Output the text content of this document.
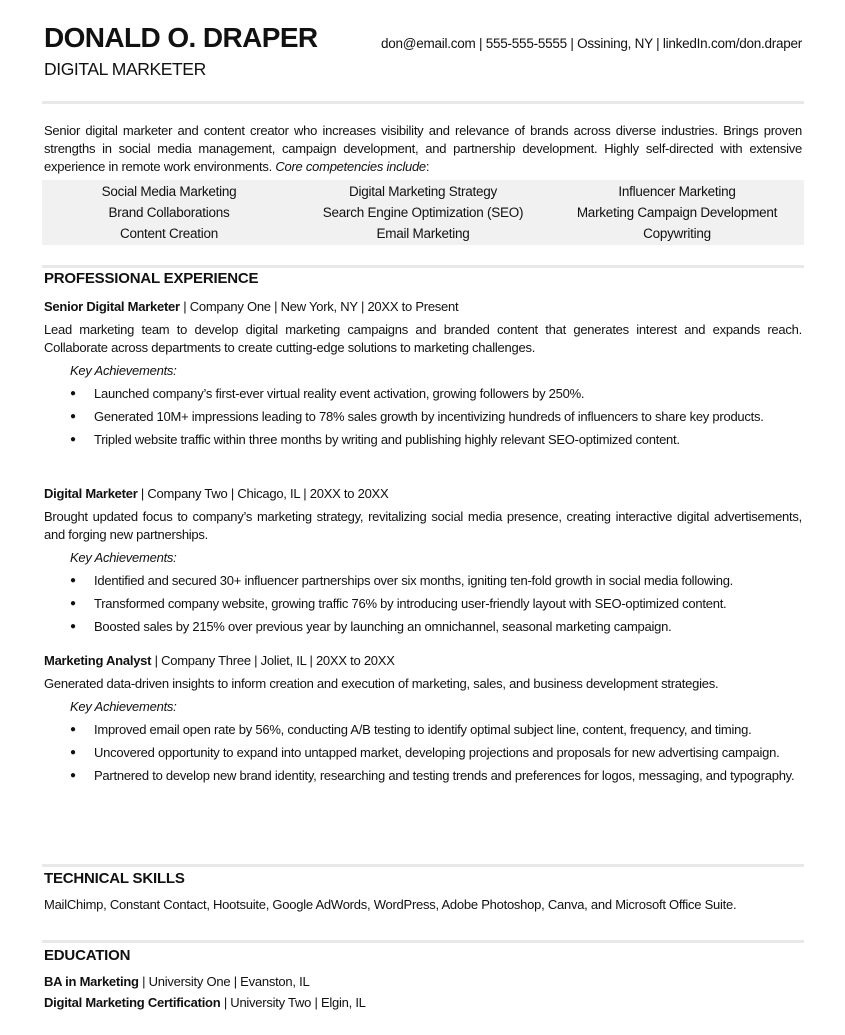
DONALD O. DRAPER
DIGITAL MARKETER
don@email.com | 555-555-5555 | Ossining, NY | linkedIn.com/don.draper

Senior digital marketer and content creator who increases visibility and relevance of brands across diverse industries. Brings proven strengths in social media management, campaign development, and partnership development. Highly self-directed with extensive experience in remote work environments. Core competencies include:

Social Media Marketing	Digital Marketing Strategy	Influencer Marketing
Brand Collaborations	Search Engine Optimization (SEO)	Marketing Campaign Development
Content Creation	Email Marketing	Copywriting
PROFESSIONAL EXPERIENCE
Senior Digital Marketer | Company One | New York, NY | 20XX to Present

Lead marketing team to develop digital marketing campaigns and branded content that generates interest and expands reach. Collaborate across departments to create cutting-edge solutions to marketing challenges.

Key Achievements:
● Launched company’s first-ever virtual reality event activation, growing followers by 250%.
● Generated 10M+ impressions leading to 78% sales growth by incentivizing hundreds of influencers to share key products.
● Tripled website traffic within three months by writing and publishing highly relevant SEO-optimized content.
Digital Marketer | Company Two | Chicago, IL | 20XX to 20XX

Brought updated focus to company’s marketing strategy, revitalizing social media presence, creating interactive digital advertisements, and forging new partnerships.

Key Achievements:
● Identified and secured 30+ influencer partnerships over six months, igniting ten-fold growth in social media following.
● Transformed company website, growing traffic 76% by introducing user-friendly layout with SEO-optimized content.
● Boosted sales by 215% over previous year by launching an omnichannel, seasonal marketing campaign.
Marketing Analyst | Company Three | Joliet, IL | 20XX to 20XX

Generated data-driven insights to inform creation and execution of marketing, sales, and business development strategies.

Key Achievements:
● Improved email open rate by 56%, conducting A/B testing to identify optimal subject line, content, frequency, and timing.
● Uncovered opportunity to expand into untapped market, developing projections and proposals for new advertising campaign.
● Partnered to develop new brand identity, researching and testing trends and preferences for logos, messaging, and typography.
TECHNICAL SKILLS

MailChimp, Constant Contact, Hootsuite, Google AdWords, WordPress, Adobe Photoshop, Canva, and Microsoft Office Suite.

EDUCATION
BA in Marketing | University One | Evanston, IL
Digital Marketing Certification | University Two | Elgin, IL
